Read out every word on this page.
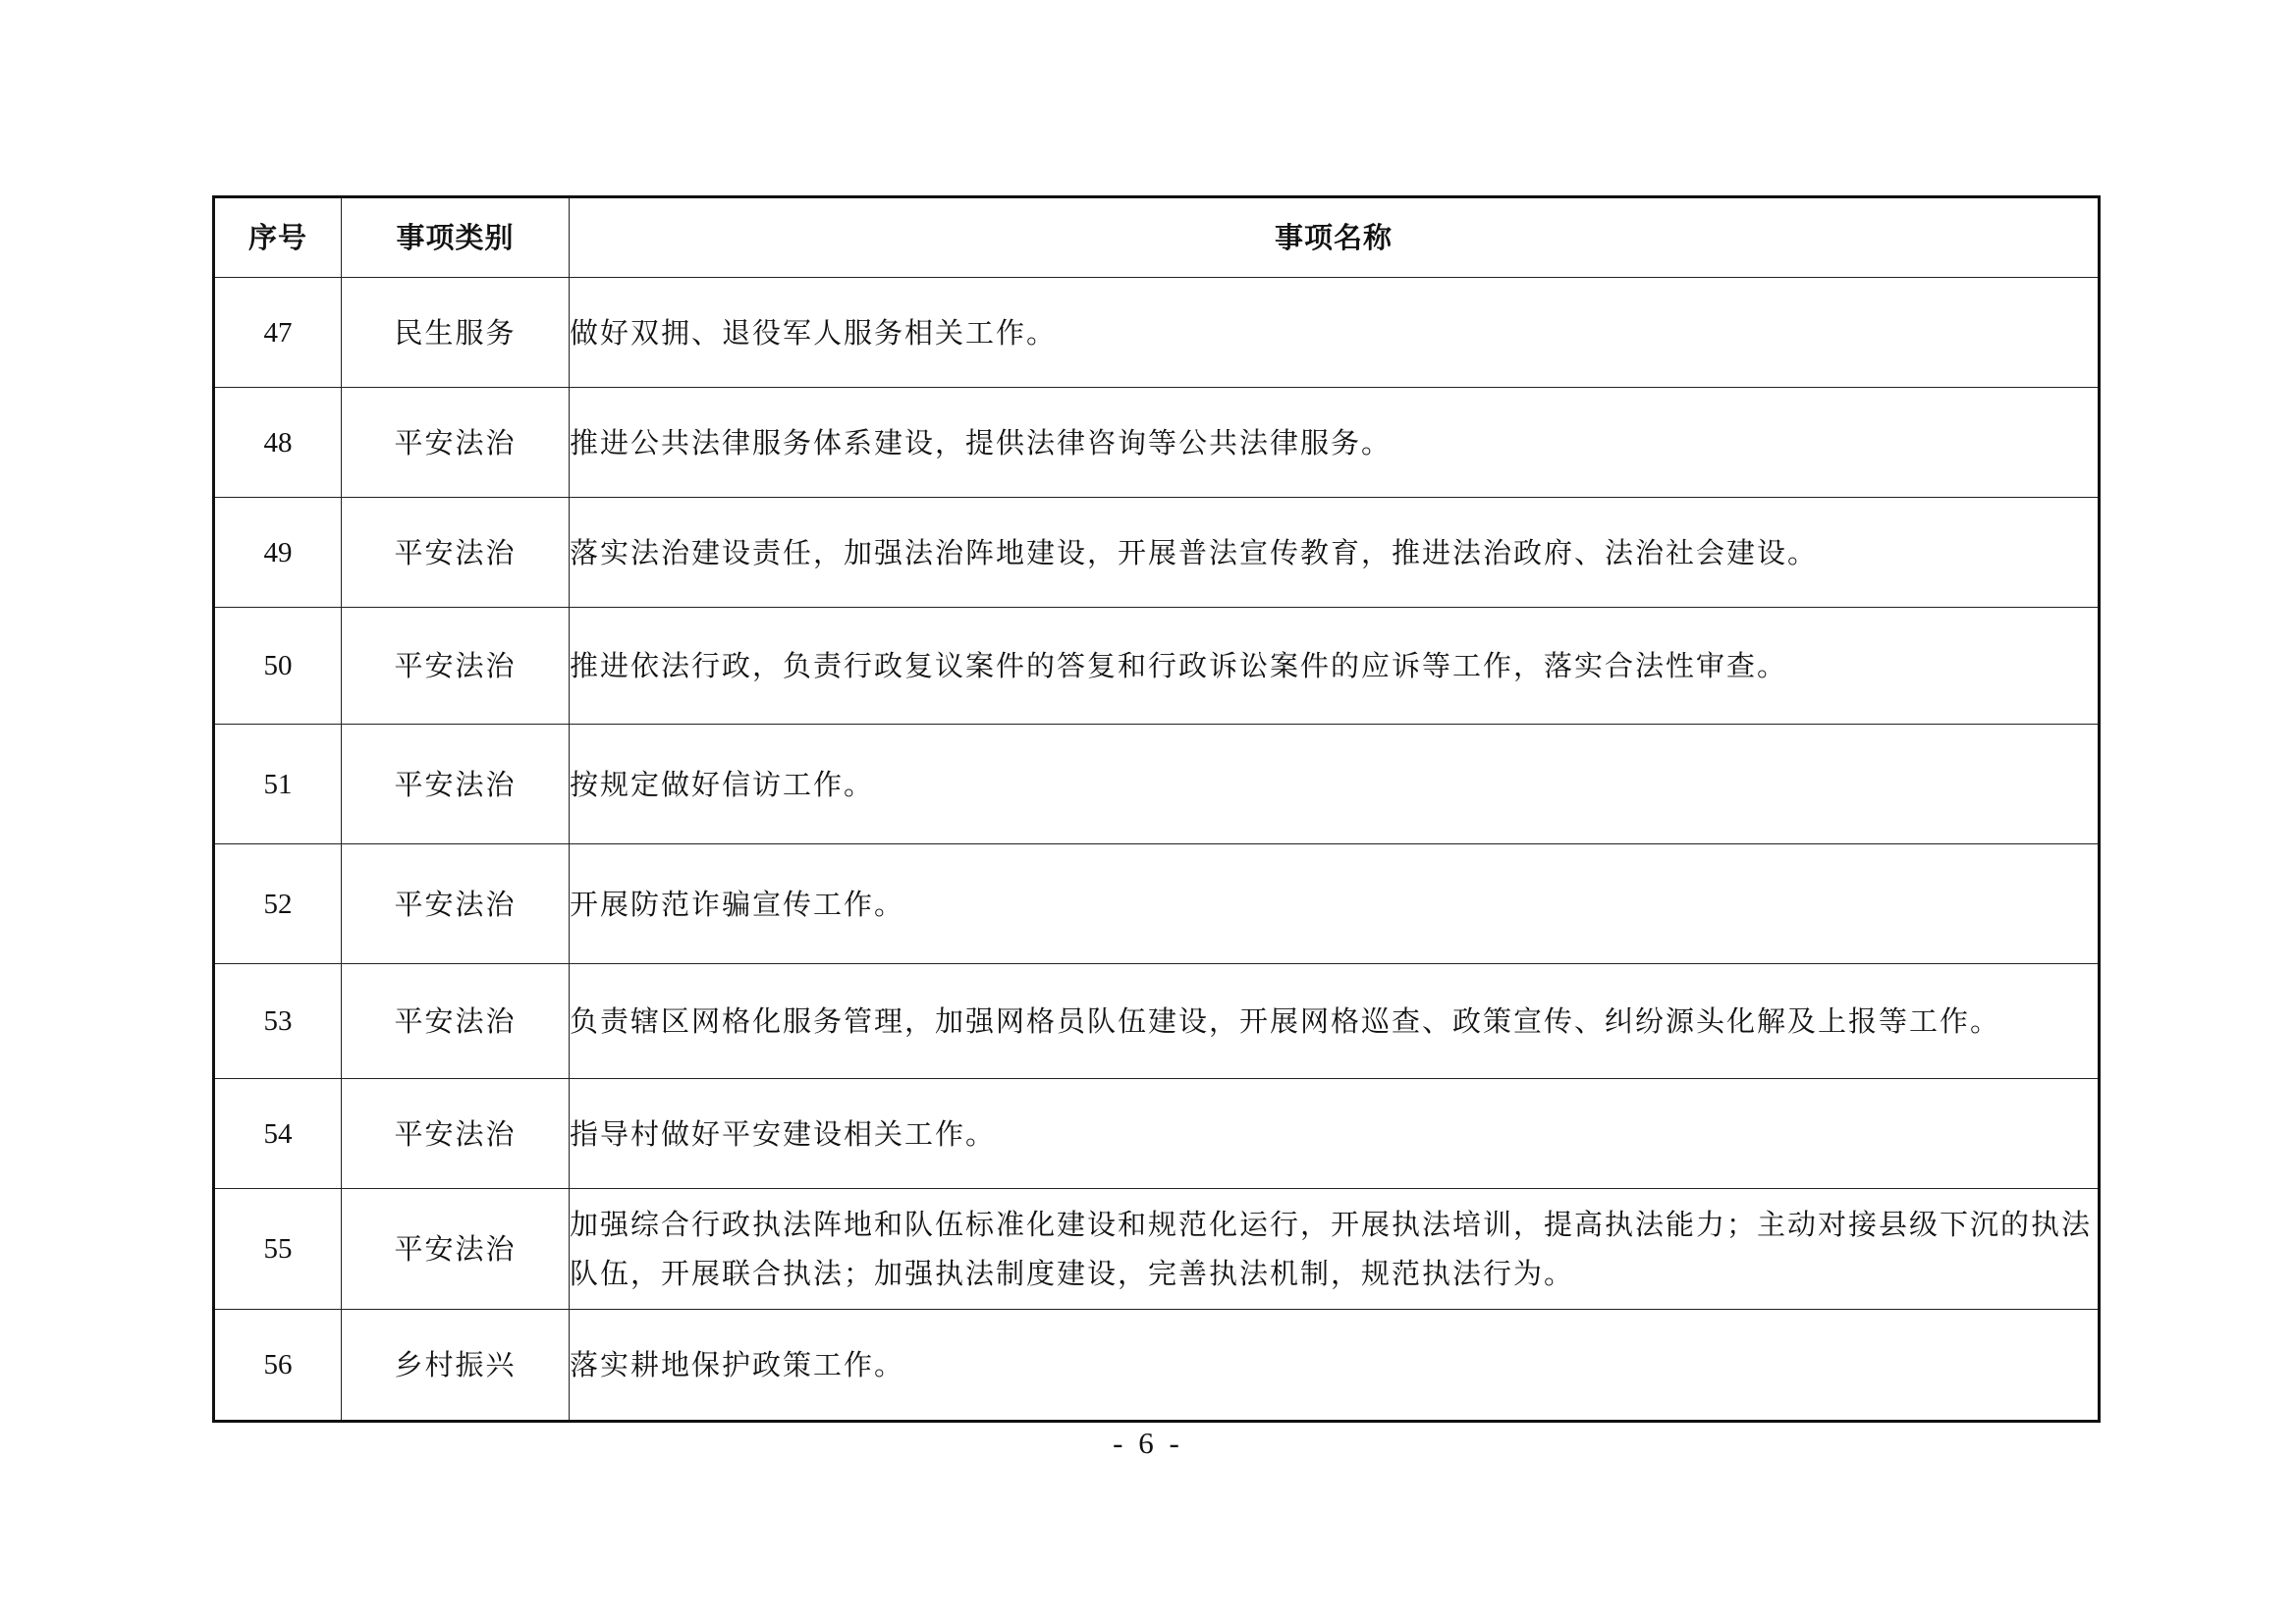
序号	事项类别	事项名称
47	民生服务	做好双拥、退役军人服务相关工作。
48	平安法治	推进公共法律服务体系建设，提供法律咨询等公共法律服务。
49	平安法治	落实法治建设责任，加强法治阵地建设，开展普法宣传教育，推进法治政府、法治社会建设。
50	平安法治	推进依法行政，负责行政复议案件的答复和行政诉讼案件的应诉等工作，落实合法性审查。
51	平安法治	按规定做好信访工作。
52	平安法治	开展防范诈骗宣传工作。
53	平安法治	负责辖区网格化服务管理，加强网格员队伍建设，开展网格巡查、政策宣传、纠纷源头化解及上报等工作。
54	平安法治	指导村做好平安建设相关工作。
55	平安法治	加强综合行政执法阵地和队伍标准化建设和规范化运行，开展执法培训，提高执法能力；主动对接县级下沉的执法队伍，开展联合执法；加强执法制度建设，完善执法机制，规范执法行为。
56	乡村振兴	落实耕地保护政策工作。
- 6 -
